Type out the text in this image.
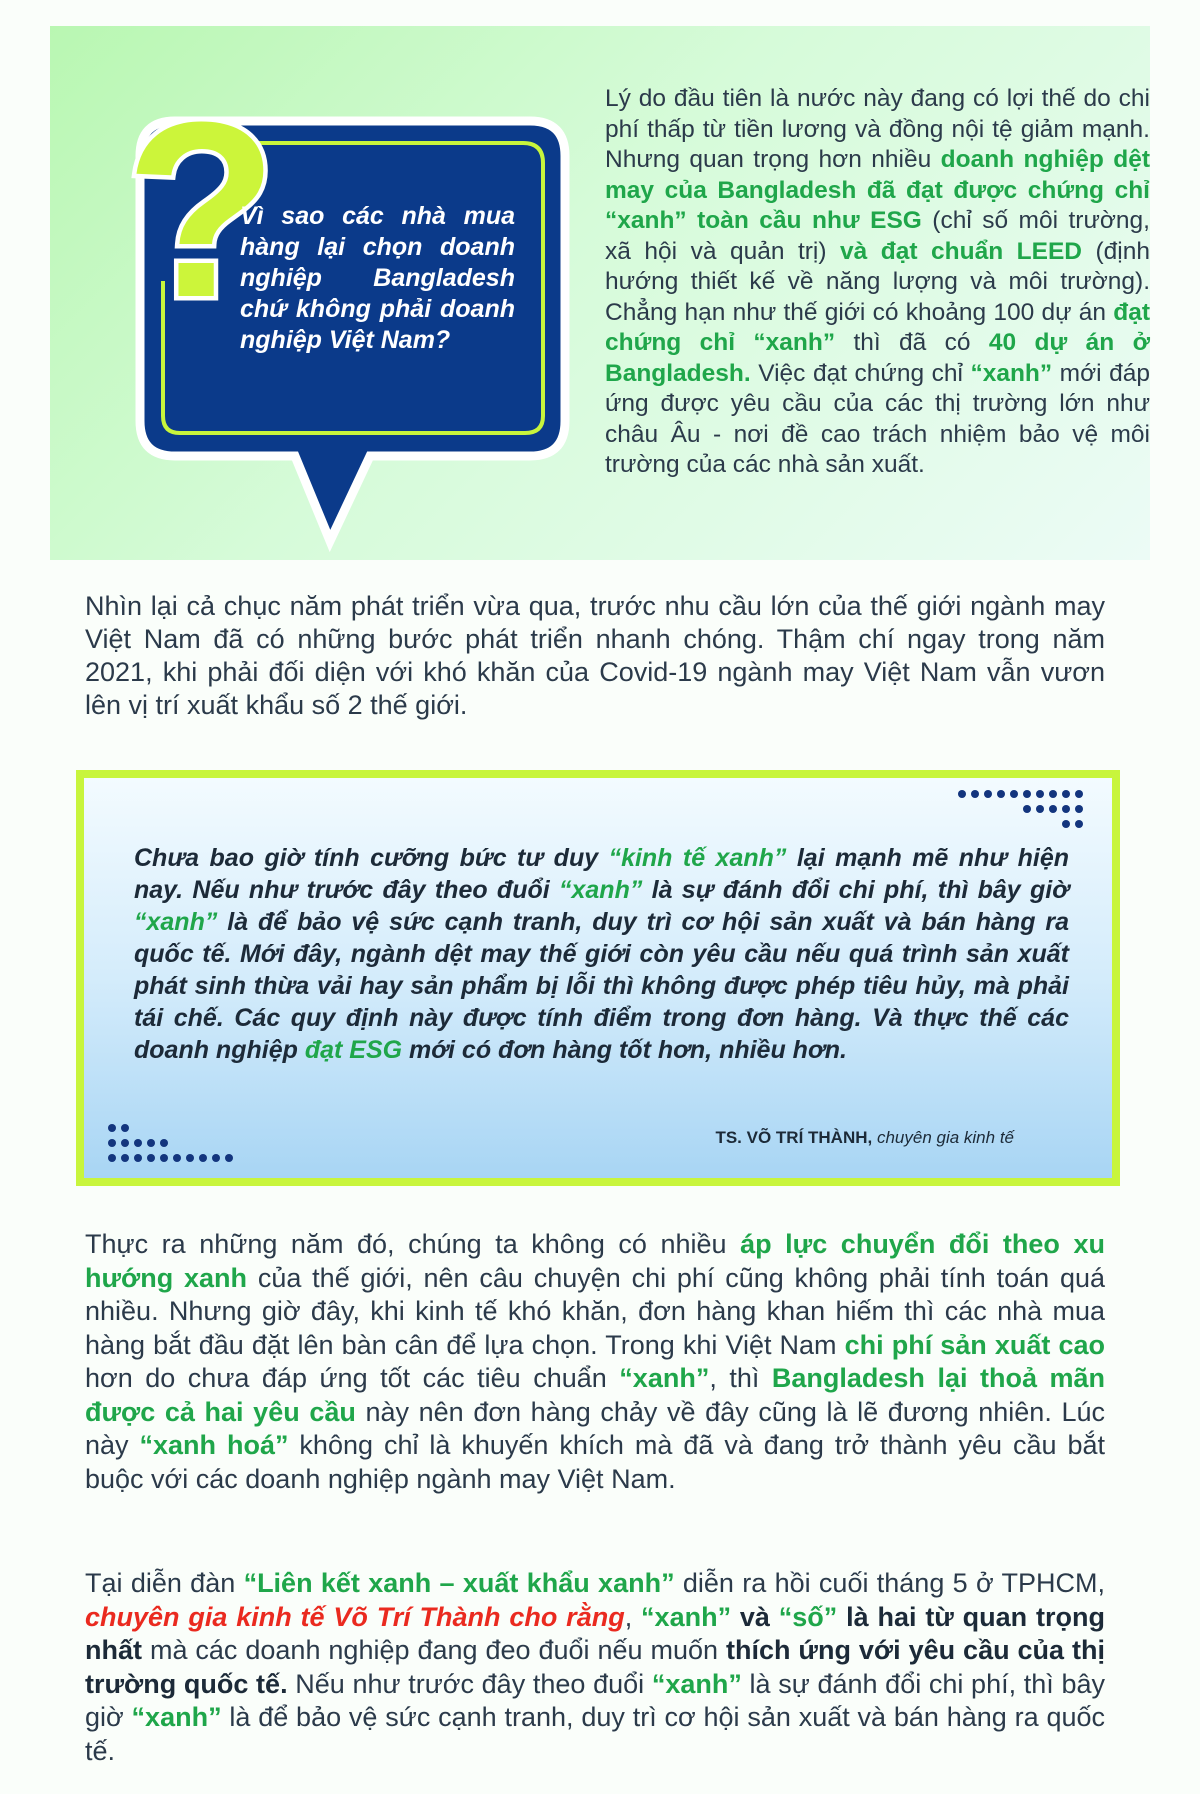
?
Vì sao các nhà mua hàng lại chọn doanh nghiệp Bangladesh chứ không phải doanh nghiệp Việt Nam?
Lý do đầu tiên là nước này đang có lợi thế do chi phí thấp từ tiền lương và đồng nội tệ giảm mạnh. Nhưng quan trọng hơn nhiều doanh nghiệp dệt may của Bangladesh đã đạt được chứng chỉ “xanh” toàn cầu như ESG (chỉ số môi trường, xã hội và quản trị) và đạt chuẩn LEED (định hướng thiết kế về năng lượng và môi trường). Chẳng hạn như thế giới có khoảng 100 dự án đạt chứng chỉ “xanh” thì đã có 40 dự án ở Bangladesh. Việc đạt chứng chỉ “xanh” mới đáp ứng được yêu cầu của các thị trường lớn như châu Âu - nơi đề cao trách nhiệm bảo vệ môi trường của các nhà sản xuất.
Nhìn lại cả chục năm phát triển vừa qua, trước nhu cầu lớn của thế giới ngành may Việt Nam đã có những bước phát triển nhanh chóng. Thậm chí ngay trong năm 2021, khi phải đối diện với khó khăn của Covid-19 ngành may Việt Nam vẫn vươn lên vị trí xuất khẩu số 2 thế giới.
Chưa bao giờ tính cưỡng bức tư duy “kinh tế xanh” lại mạnh mẽ như hiện nay. Nếu như trước đây theo đuổi “xanh” là sự đánh đổi chi phí, thì bây giờ “xanh” là để bảo vệ sức cạnh tranh, duy trì cơ hội sản xuất và bán hàng ra quốc tế. Mới đây, ngành dệt may thế giới còn yêu cầu nếu quá trình sản xuất phát sinh thừa vải hay sản phẩm bị lỗi thì không được phép tiêu hủy, mà phải tái chế. Các quy định này được tính điểm trong đơn hàng. Và thực thế các doanh nghiệp đạt ESG mới có đơn hàng tốt hơn, nhiều hơn.
TS. VÕ TRÍ THÀNH, chuyên gia kinh tế
Thực ra những năm đó, chúng ta không có nhiều áp lực chuyển đổi theo xu hướng xanh của thế giới, nên câu chuyện chi phí cũng không phải tính toán quá nhiều. Nhưng giờ đây, khi kinh tế khó khăn, đơn hàng khan hiếm thì các nhà mua hàng bắt đầu đặt lên bàn cân để lựa chọn. Trong khi Việt Nam chi phí sản xuất cao hơn do chưa đáp ứng tốt các tiêu chuẩn “xanh”, thì Bangladesh lại thoả mãn được cả hai yêu cầu này nên đơn hàng chảy về đây cũng là lẽ đương nhiên. Lúc này “xanh hoá” không chỉ là khuyến khích mà đã và đang trở thành yêu cầu bắt buộc với các doanh nghiệp ngành may Việt Nam.
Tại diễn đàn “Liên kết xanh – xuất khẩu xanh” diễn ra hồi cuối tháng 5 ở TPHCM, chuyên gia kinh tế Võ Trí Thành cho rằng, “xanh” và “số” là hai từ quan trọng nhất mà các doanh nghiệp đang đeo đuổi nếu muốn thích ứng với yêu cầu của thị trường quốc tế. Nếu như trước đây theo đuổi “xanh” là sự đánh đổi chi phí, thì bây giờ “xanh” là để bảo vệ sức cạnh tranh, duy trì cơ hội sản xuất và bán hàng ra quốc tế.
